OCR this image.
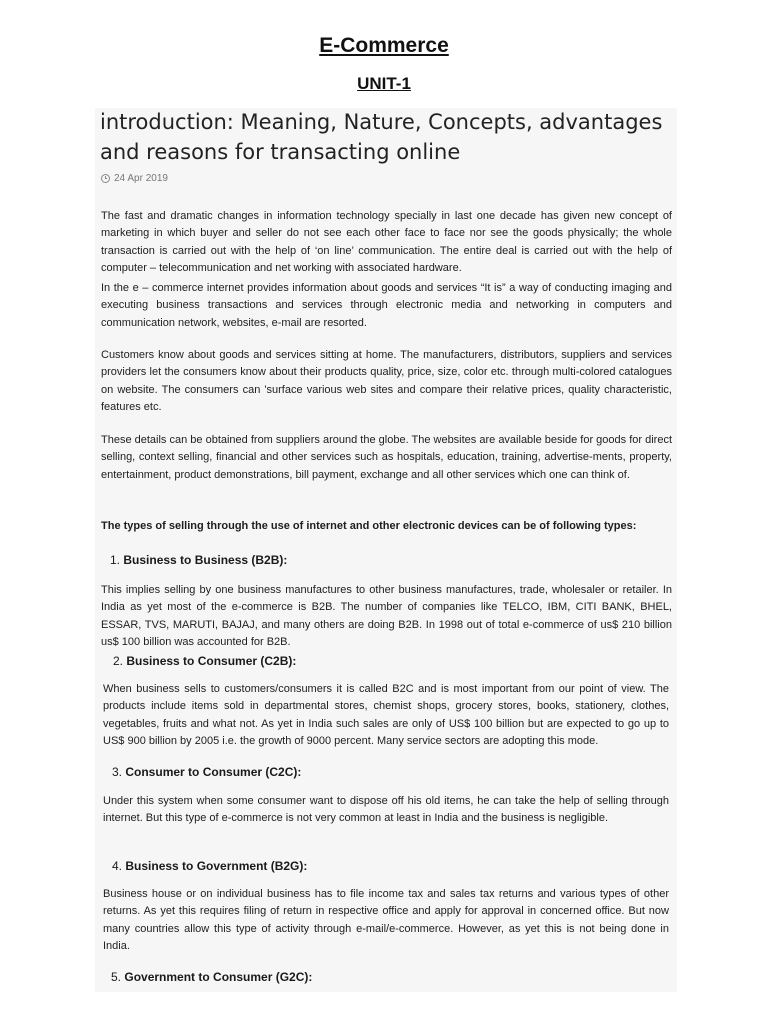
E-Commerce
UNIT-1
introduction: Meaning, Nature, Concepts, advantages and reasons for transacting online
24 Apr 2019

The fast and dramatic changes in information technology specially in last one decade has given new concept of marketing in which buyer and seller do not see each other face to face nor see the goods physically; the whole transaction is carried out with the help of ‘on line’ communication. The entire deal is carried out with the help of computer – telecommunication and net working with associated hardware.

In the e – commerce internet provides information about goods and services “It is” a way of conducting imaging and executing business transactions and services through electronic media and networking in computers and communication network, websites, e-mail are resorted.

Customers know about goods and services sitting at home. The manufacturers, distributors, suppliers and services providers let the consumers know about their products quality, price, size, color etc. through multi-colored catalogues on website. The consumers can 'surface various web sites and compare their relative prices, quality characteristic, features etc.

These details can be obtained from suppliers around the globe. The websites are available beside for goods for direct selling, context selling, financial and other services such as hospitals, education, training, advertise-ments, property, entertainment, product demonstrations, bill payment, exchange and all other services which one can think of.

The types of selling through the use of internet and other electronic devices can be of following types:

1. Business to Business (B2B):

This implies selling by one business manufactures to other business manufactures, trade, wholesaler or retailer. In India as yet most of the e-commerce is B2B. The number of companies like TELCO, IBM, CITI BANK, BHEL, ESSAR, TVS, MARUTI, BAJAJ, and many others are doing B2B. In 1998 out of total e-commerce of us$ 210 billion us$ 100 billion was accounted for B2B.

2. Business to Consumer (C2B):

When business sells to customers/consumers it is called B2C and is most important from our point of view. The products include items sold in departmental stores, chemist shops, grocery stores, books, stationery, clothes, vegetables, fruits and what not. As yet in India such sales are only of US$ 100 billion but are expected to go up to US$ 900 billion by 2005 i.e. the growth of 9000 percent. Many service sectors are adopting this mode.

3. Consumer to Consumer (C2C):

Under this system when some consumer want to dispose off his old items, he can take the help of selling through internet. But this type of e-commerce is not very common at least in India and the business is negligible.

4. Business to Government (B2G):

Business house or on individual business has to file income tax and sales tax returns and various types of other returns. As yet this requires filing of return in respective office and apply for approval in concerned office. But now many countries allow this type of activity through e-mail/e-commerce. However, as yet this is not being done in India.

5. Government to Consumer (G2C):
